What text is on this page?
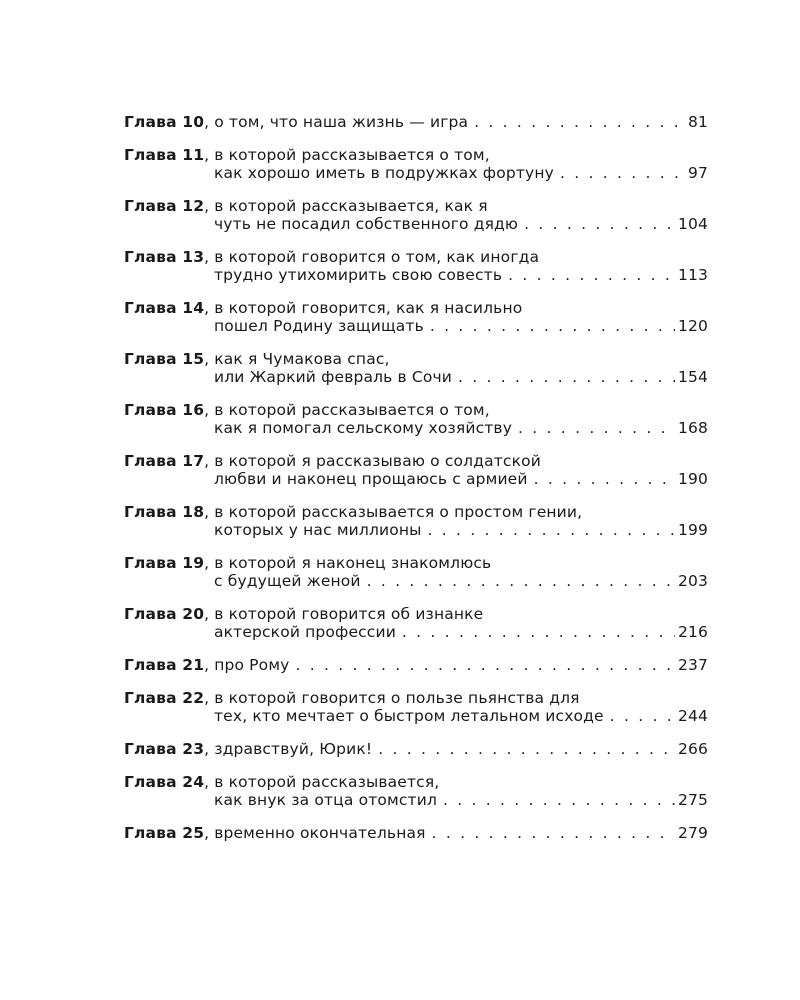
Глава 10 , о том, что наша жизнь — игра . . .	81
Глава 11 , в которой рассказывается о том,
как хорошо иметь в подружках фортуну . . .	97
Глава 12 , в которой рассказывается, как я
чуть не посадил собственного дядю . . .	104
Глава 13 , в которой говорится о том, как иногда
трудно утихомирить свою совесть . . .	113
Глава 14 , в которой говорится, как я насильно
пошел Родину защищать . . .	120
Глава 15 , как я Чумакова спас,
или Жаркий февраль в Сочи . . .	154
Глава 16 , в которой рассказывается о том,
как я помогал сельскому хозяйству . . .	168
Глава 17 , в которой я рассказываю о солдатской
любви и наконец прощаюсь с армией . . .	190
Глава 18 , в которой рассказывается о простом гении,
которых у нас миллионы . . .	199
Глава 19 , в которой я наконец знакомлюсь
с будущей женой . . .	203
Глава 20 , в которой говорится об изнанке
актерской профессии . . .	216
Глава 21 , про Рому . . .	237
Глава 22 , в которой говорится о пользе пьянства для
тех, кто мечтает о быстром летальном исходе . . .	244
Глава 23 , здравствуй, Юрик! . . .	266
Глава 24 , в которой рассказывается,
как внук за отца отомстил . . .	275
Глава 25 , временно окончательная . . .	279
